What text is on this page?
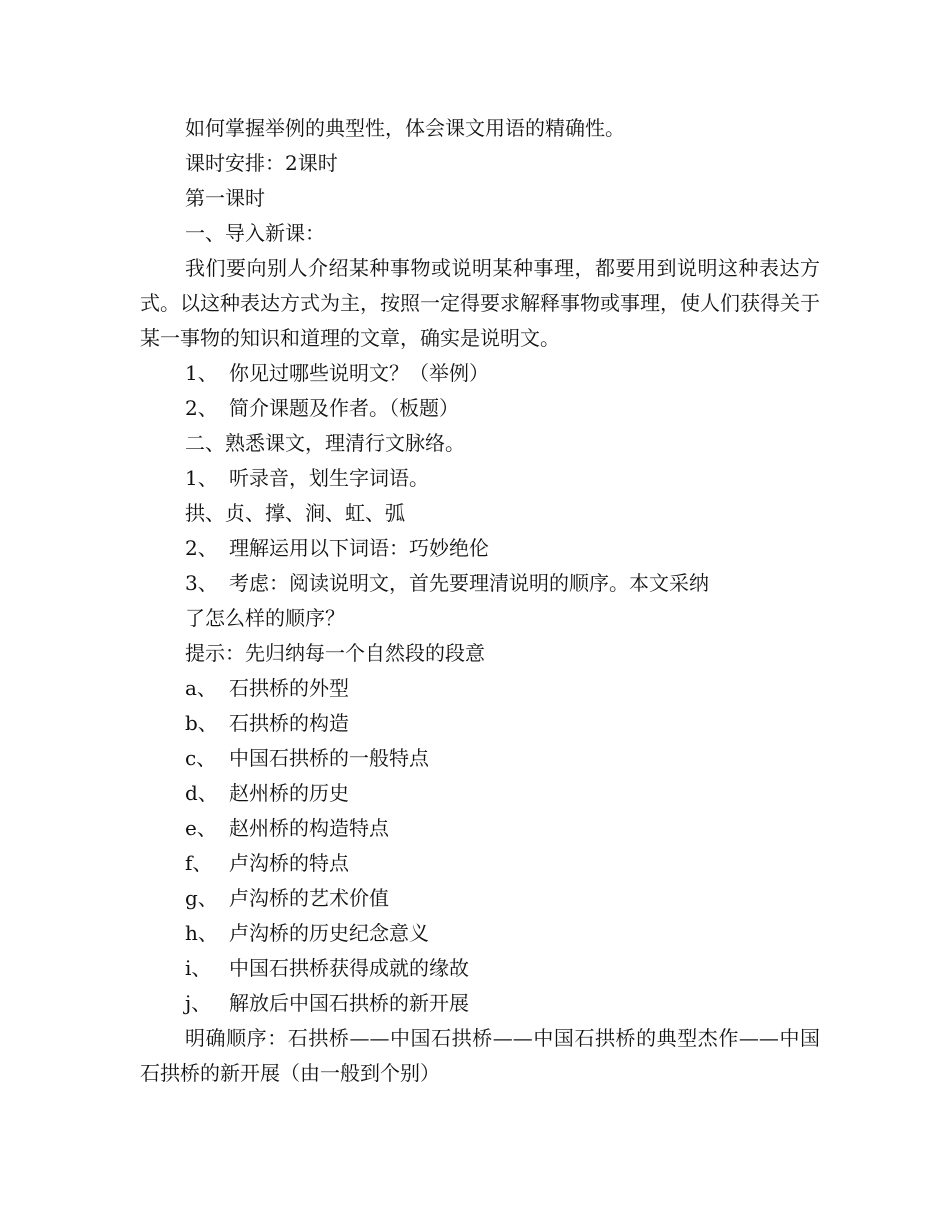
如何掌握举例的典型性，体会课文用语的精确性。

课时安排：2课时

第一课时

一、导入新课：

我们要向别人介绍某种事物或说明某种事理，都要用到说明这种表达方式。以这种表达方式为主，按照一定得要求解释事物或事理，使人们获得关于某一事物的知识和道理的文章，确实是说明文。

1、 你见过哪些说明文？（举例）

2、 简介课题及作者。（板题）

二、熟悉课文，理清行文脉络。

1、 听录音，划生字词语。

拱、贞、撑、涧、虹、弧

2、 理解运用以下词语：巧妙绝伦

3、 考虑：阅读说明文，首先要理清说明的顺序。本文采纳

了怎么样的顺序？

提示：先归纳每一个自然段的段意

a、 石拱桥的外型

b、 石拱桥的构造

c、 中国石拱桥的一般特点

d、 赵州桥的历史

e、 赵州桥的构造特点

f、 卢沟桥的特点

g、 卢沟桥的艺术价值

h、 卢沟桥的历史纪念意义

i、 中国石拱桥获得成就的缘故

j、 解放后中国石拱桥的新开展

明确顺序：石拱桥——中国石拱桥——中国石拱桥的典型杰作——中国石拱桥的新开展（由一般到个别）
